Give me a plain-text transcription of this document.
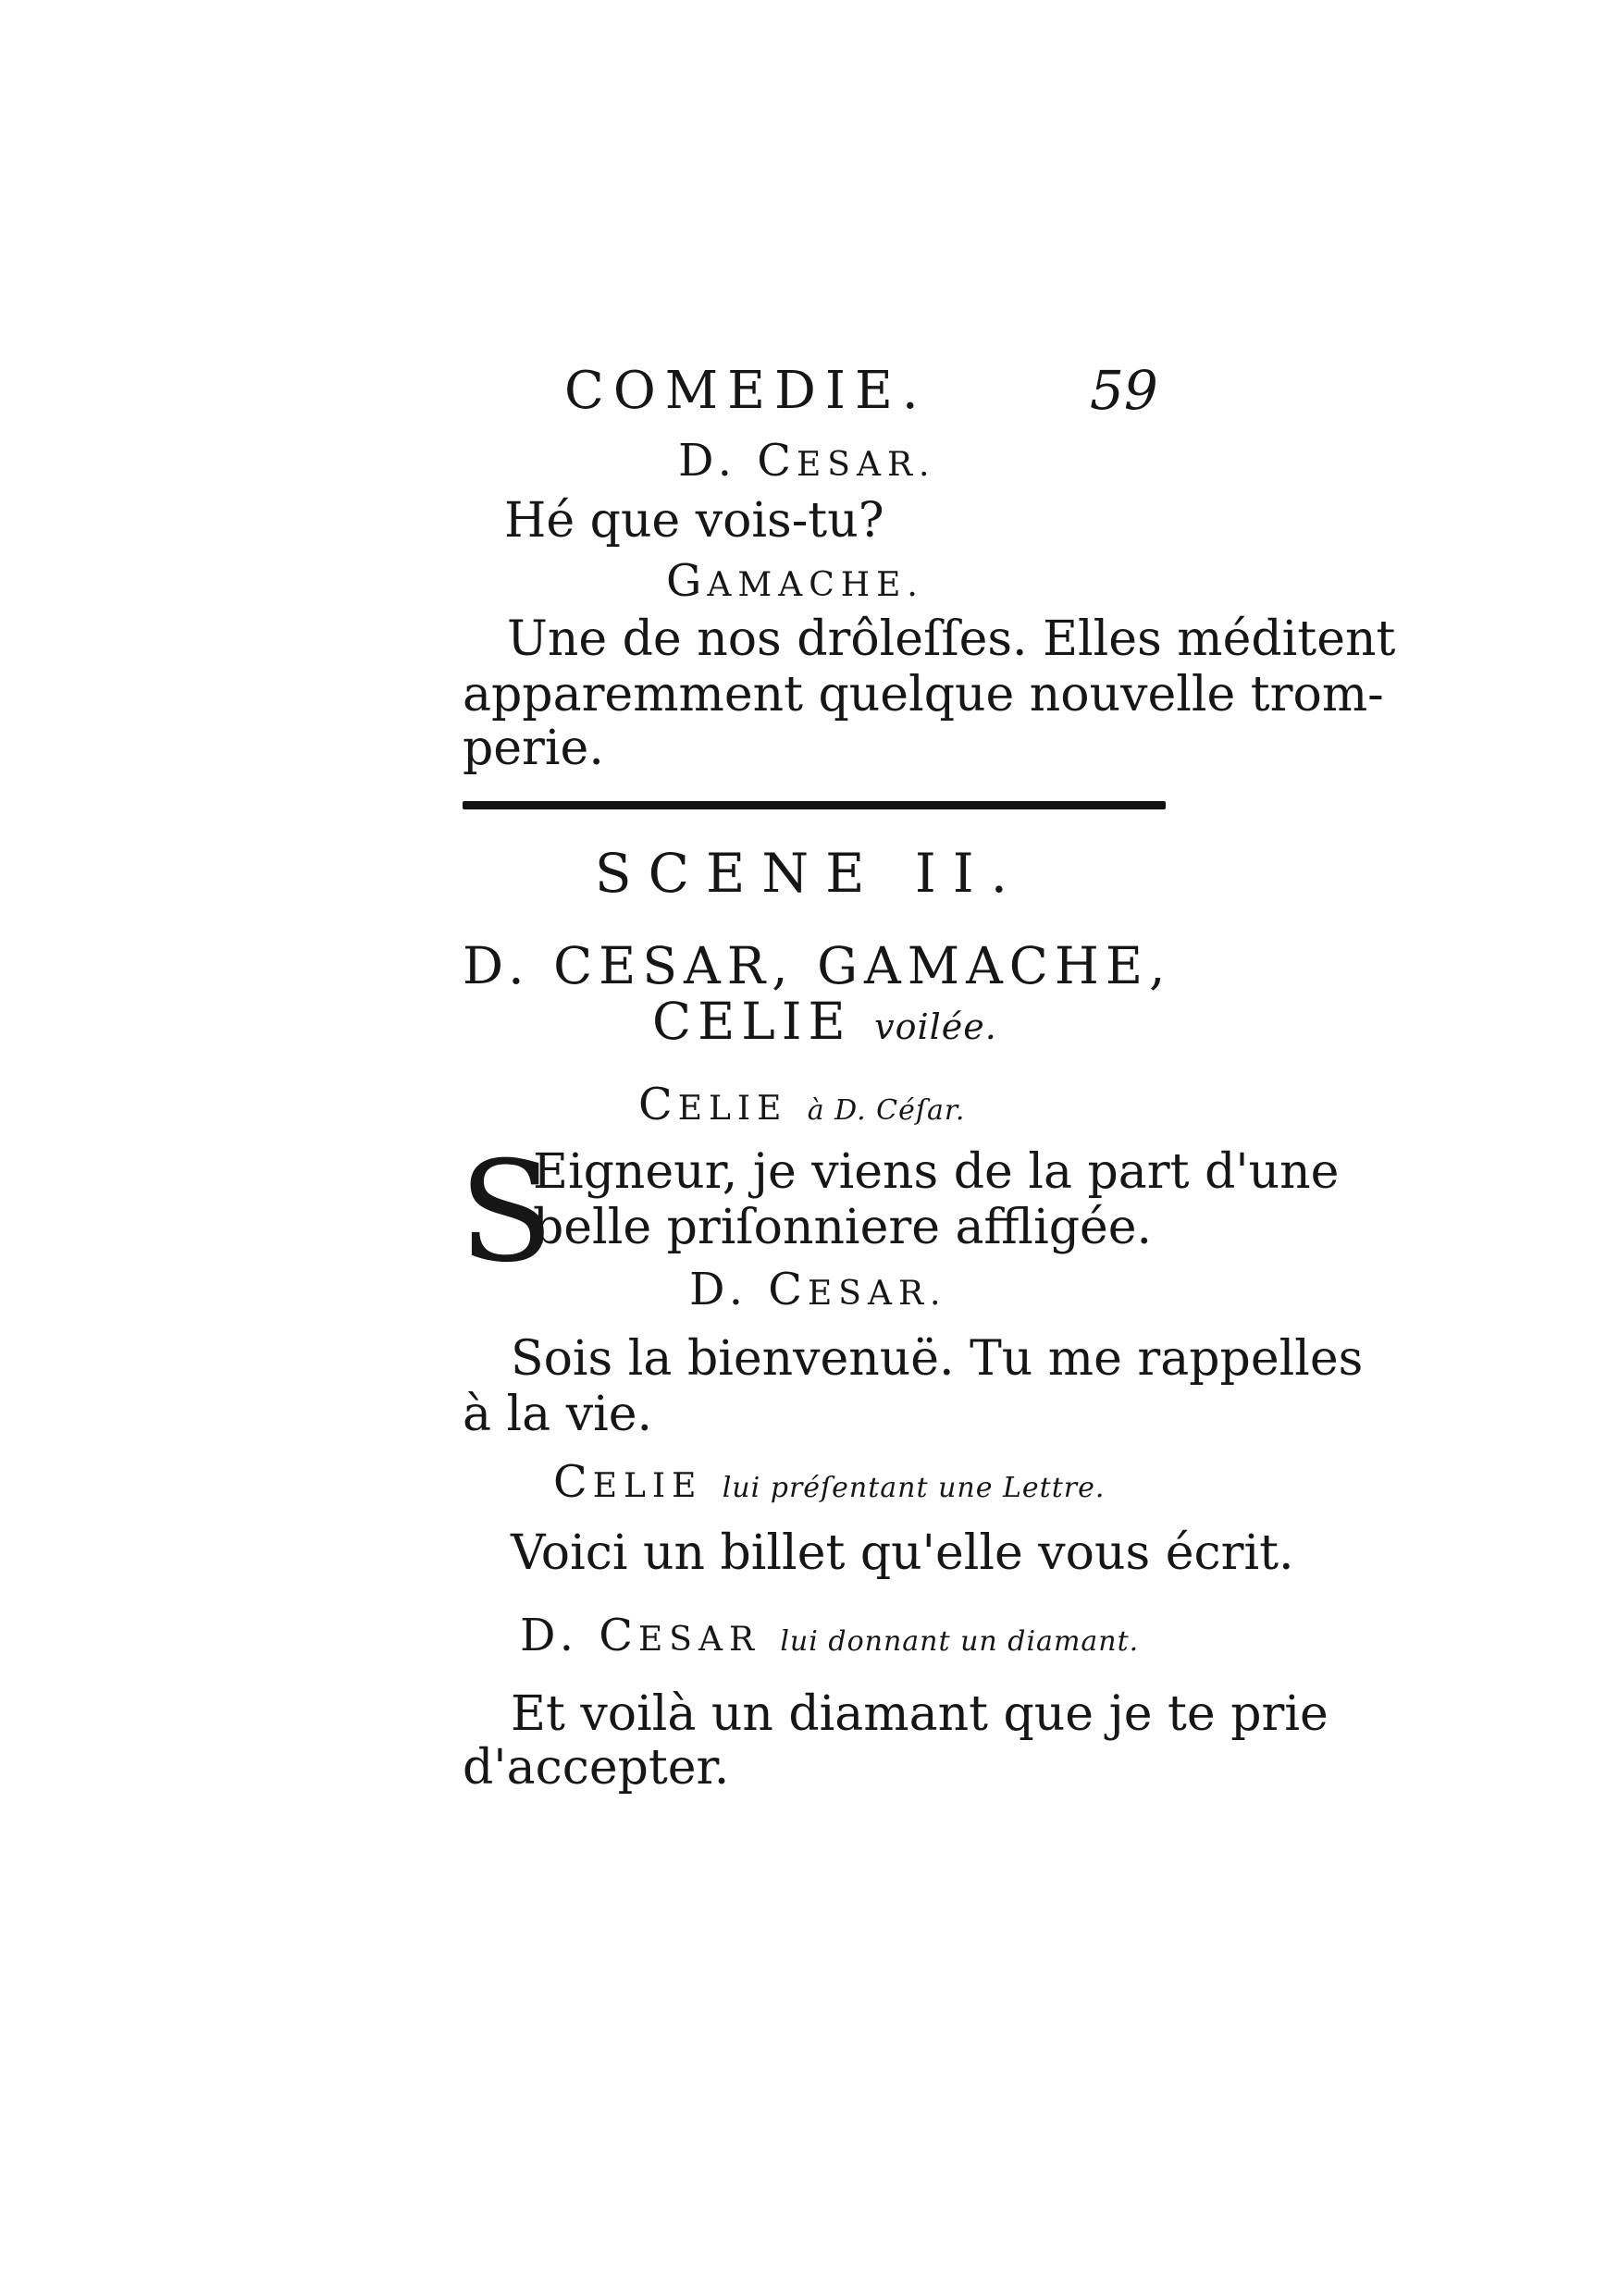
COMEDIE.	59
D. CESAR.
Hé que vois-tu?
GAMACHE.
Une de nos drôleſſes. Elles méditent
apparemment quelque nouvelle trom-
perie.
SCENE II.
D. CESAR, GAMACHE,
CELIE voilée.
CELIE à D. Céſar.
S
Eigneur, je viens de la part d'une
belle priſonniere affligée.
D. CESAR.
Sois la bienvenuë. Tu me rappelles
à la vie.
CELIE lui préſentant une Lettre.
Voici un billet qu'elle vous écrit.
D. CESAR lui donnant un diamant.
Et voilà un diamant que je te prie
d'accepter.
